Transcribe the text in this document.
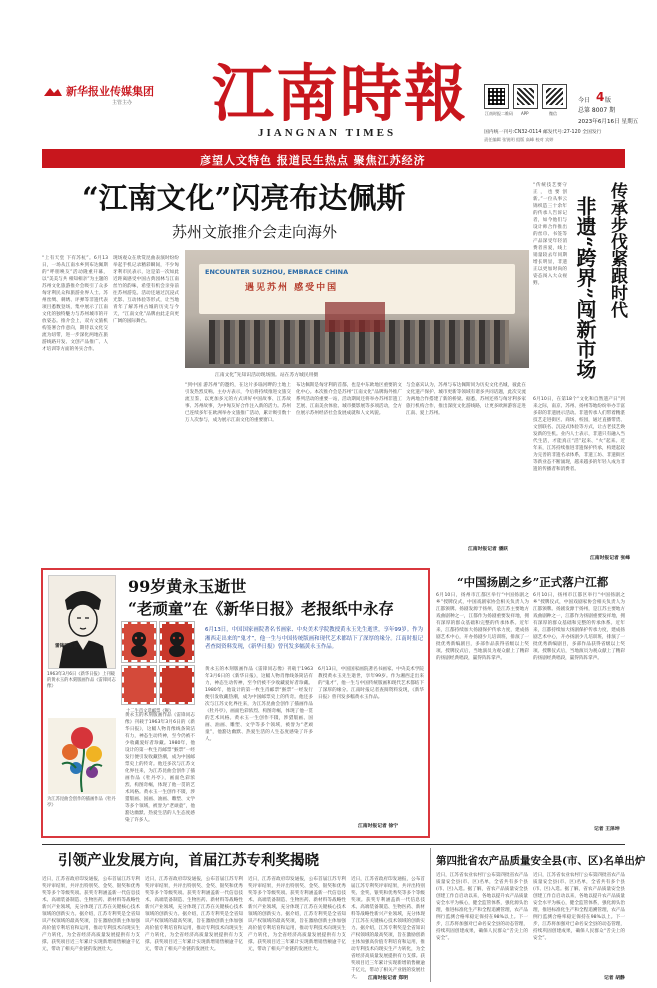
新华报业传媒集团
主管主办 江南時報
JIANGNAN TIMES
江南时报二维码 APP	微信
今日 4 版
总第 8007 期
2023年6月16日 星期五
国内统一刊号:CN32-0114 邮发代号:27-120 全国发行
责任编辑 张锐明 组版 高峰 校对 宾婷
彦望人文特色 报道民生热点 聚焦江苏经济
“江南文化”闪亮布达佩斯
苏州文旅推介会走向海外
ENCOUNTER SUZHOU, EMBRACE CHINA
遇见苏州 感受中国
江南文化”先知识活动现场图。站在苏方城民用摄
“上有天堂 下有苏杭”。6月13日，一场从江南水乡到布达佩斯的“呼朋唤友”活动隆重开幕，以“美美与共 相知相亲”为主题的苏州文化旅游推介会吸引了众多匈牙利民众和旅游业界人士。苏州丝绸、刺绣、评弹等非遗代表项目悉数登场，集中展示了江南文化的独特魅力与苏州城市的开放姿态。推介会上，双方文旅机构签署合作意向，期待以文化交流为纽带，进一步深化两地在旅游线路开发、文创产品推广、人才培训等方面的务实合作。
现场观众在欣赏昆曲表演时纷纷举起手机记录精彩瞬间，不少匈牙利市民表示，这是第一次如此近距离感受中国古典园林与江南丝竹的韵味，希望有机会亲身前往苏州游览。活动还通过沉浸式光影、互动体验等形式，让当地青年了解苏州古城的历史与今天，“江南文化”品牌由此走向更广阔的国际舞台。
“到中国 游苏州”的邀约，在这片多瑙河畔的土地上引发热烈反响。主办方表示，今后将持续推进文旅交流互鉴，以更加多元的方式讲好中国故事、江苏故事、苏州故事，为中匈友好合作注入新的活力。苏州已连续多年在欧洲举办文旅推广活动，累计吸引数十万人次参与，成为展示江南文化的重要窗口。
布达佩斯是匈牙利的首都，也是中东欧地区重要的文化中心。本次推介会是苏州“江南文化”品牌海外推广系列活动的重要一站，活动期间还将举办苏州非遗工艺展、江南美食体验、城市摄影展等多项活动，全方位展示苏州经济社会发展成就和人文风貌。
与会嘉宾认为，苏州与布达佩斯同为历史文化名城，彼此在文化遗产保护、城市更新等领域有诸多共同话题，此次交流为两地合作搭建了新的桥梁。据悉，苏州还将与匈牙利多家旅行机构合作，推出深度文化游线路，让更多欧洲游客走进江南、爱上苏州。
江南时报记者 潘跃
传承步伐紧跟时代
非遗“跨界”闯新市场
“传统技艺要守正，也要创新。”一位从事云锦织造三十余年的传承人告诉记者，如今他们与设计师合作推出的丝巾、书签等产品深受年轻消费者喜爱，线上销量较去年同期增长明显，非遗正以更加时尚的姿态闯入大众视野。
6月10日，在第18个“文化和自然遗产日”到来之际，南京、苏州、扬州等地纷纷举办丰富多彩的非遗展示活动。非遗传承人们带着精湛技艺走进街区、商场、校园，通过直播带货、文创联名、沉浸式体验等方式，让古老技艺焕发新的生机。业内人士表示，非遗只有融入当代生活，才能真正“活”起来、“火”起来。近年来，江苏持续推进非遗保护传承，构建起较为完善的非遗名录体系，非遗工坊、非遗街区等新业态不断涌现，越来越多的年轻人成为非遗的传播者和消费者。
江南时报记者 张峰
雷锋同志像
1963年3月6日《新华日报》上刊载的黄永玉的木刻版画作品《雷锋同志像》
十二生肖文选邮票《猴》
为江苏昆曲会创作的插画作品《牡丹亭》
99岁黄永玉逝世
“老顽童”在《新华日报》老报纸中永存
6月13日，中国国家画院著名书画家、中央美术学院教授黄永玉先生逝世，享年99岁。作为湘西走出来的“鬼才”，他一生与中国传统版画和现代艺术都结下了深厚的缘分。江南时报记者查阅资料发现，《新华日报》曾刊发多幅黄永玉作品。
黄永玉的木刻版画作品《雷锋同志像》刊载于1963年3月6日的《新华日报》，这幅人物肖像线条简洁有力，神态生动传神，至今仍被不少收藏爱好者珍藏。1980年，他设计的第一枚生肖邮票“猴票”一经发行便引发收藏热潮，成为中国邮票史上的传奇。他还多次与江苏文化界往来，为江苏昆曲会创作了插画作品《牡丹亭》，画面色彩浓烈、构图奇崛，体现了他一贯的艺术风格。黄永玉一生创作不辍，涉猎版画、国画、油画、雕塑、文学等多个领域，被誉为“老顽童”，他豁达幽默、热爱生活的人生态度感染了许多人。
黄永玉的木刻版画作品《雷锋同志像》刊载于1963年3月6日的《新华日报》，这幅人物肖像线条简洁有力，神态生动传神，至今仍被不少收藏爱好者珍藏。1980年，他设计的第一枚生肖邮票“猴票”一经发行便引发收藏热潮，成为中国邮票史上的传奇。他还多次与江苏文化界往来，为江苏昆曲会创作了插画作品《牡丹亭》，画面色彩浓烈、构图奇崛，体现了他一贯的艺术风格。黄永玉一生创作不辍，涉猎版画、国画、油画、雕塑、文学等多个领域，被誉为“老顽童”，他豁达幽默、热爱生活的人生态度感染了许多人。
6月13日，中国国家画院著名书画家、中央美术学院教授黄永玉先生逝世，享年99岁。作为湘西走出来的“鬼才”，他一生与中国传统版画和现代艺术都结下了深厚的缘分。江南时报记者查阅资料发现，《新华日报》曾刊发多幅黄永玉作品。
江南时报记者 徐宁
“中国扬剧之乡”正式落户江都
6月10日，扬州市江都区举行“中国扬剧之乡”授牌仪式，中国戏剧家协会相关负责人为江都颁牌。扬剧发源于扬州，是江苏主要地方戏曲剧种之一，江都作为扬剧重要发祥地，拥有深厚的群众基础和完整的传承体系。近年来，江都持续加大扬剧保护传承力度，建成扬剧艺术中心，开办扬剧少儿培训班，排演了一批优秀新编剧目，多部作品获得省级以上奖项。授牌仪式后，当地演员为观众献上了精彩的扬剧经典唱段，赢得阵阵掌声。
6月10日，扬州市江都区举行“中国扬剧之乡”授牌仪式，中国戏剧家协会相关负责人为江都颁牌。扬剧发源于扬州，是江苏主要地方戏曲剧种之一，江都作为扬剧重要发祥地，拥有深厚的群众基础和完整的传承体系。近年来，江都持续加大扬剧保护传承力度，建成扬剧艺术中心，开办扬剧少儿培训班，排演了一批优秀新编剧目，多部作品获得省级以上奖项。授牌仪式后，当地演员为观众献上了精彩的扬剧经典唱段，赢得阵阵掌声。
记者 王泽坤
引领产业发展方向，首届江苏专利奖揭晓
近日，江苏省政府印发通报，公布首届江苏专利奖评审结果，共评出特别奖、金奖、银奖和优秀奖等多个等级奖项。获奖专利涵盖新一代信息技术、高端装备制造、生物医药、新材料等战略性新兴产业领域，充分体现了江苏在关键核心技术领域的创新实力。据介绍，江苏专利奖是全省知识产权领域的最高奖项，旨在激励创新主体加强高价值专利培育和运用，推动专利技术向现实生产力转化，为全省经济高质量发展提供有力支撑。获奖项目近三年累计实现新增销售额逾千亿元，带动了相关产业链的发展壮大。
近日，江苏省政府印发通报，公布首届江苏专利奖评审结果，共评出特别奖、金奖、银奖和优秀奖等多个等级奖项。获奖专利涵盖新一代信息技术、高端装备制造、生物医药、新材料等战略性新兴产业领域，充分体现了江苏在关键核心技术领域的创新实力。据介绍，江苏专利奖是全省知识产权领域的最高奖项，旨在激励创新主体加强高价值专利培育和运用，推动专利技术向现实生产力转化，为全省经济高质量发展提供有力支撑。获奖项目近三年累计实现新增销售额逾千亿元，带动了相关产业链的发展壮大。
近日，江苏省政府印发通报，公布首届江苏专利奖评审结果，共评出特别奖、金奖、银奖和优秀奖等多个等级奖项。获奖专利涵盖新一代信息技术、高端装备制造、生物医药、新材料等战略性新兴产业领域，充分体现了江苏在关键核心技术领域的创新实力。据介绍，江苏专利奖是全省知识产权领域的最高奖项，旨在激励创新主体加强高价值专利培育和运用，推动专利技术向现实生产力转化，为全省经济高质量发展提供有力支撑。获奖项目近三年累计实现新增销售额逾千亿元，带动了相关产业链的发展壮大。
近日，江苏省政府印发通报，公布首届江苏专利奖评审结果，共评出特别奖、金奖、银奖和优秀奖等多个等级奖项。获奖专利涵盖新一代信息技术、高端装备制造、生物医药、新材料等战略性新兴产业领域，充分体现了江苏在关键核心技术领域的创新实力。据介绍，江苏专利奖是全省知识产权领域的最高奖项，旨在激励创新主体加强高价值专利培育和运用，推动专利技术向现实生产力转化，为全省经济高质量发展提供有力支撑。获奖项目近三年累计实现新增销售额逾千亿元，带动了相关产业链的发展壮大。	江南时报记者 郑明
第四批省农产品质量安全县(市、区)名单出炉
近日，江苏省农业农村厅公布第四批省农产品质量安全县(市、区)名单，全省共有多个县(市、区)入选。据了解，省农产品质量安全县创建工作自启动以来，各地以提升农产品质量安全水平为核心，健全监管体系，强化源头治理，推进标准化生产和全程追溯管理，农产品例行监测合格率稳定保持在98%以上。下一步，江苏将加强对已命名安全县的动态管理，持续巩固创建成果，确保人民群众“舌尖上的安全”。
近日，江苏省农业农村厅公布第四批省农产品质量安全县(市、区)名单，全省共有多个县(市、区)入选。据了解，省农产品质量安全县创建工作自启动以来，各地以提升农产品质量安全水平为核心，健全监管体系，强化源头治理，推进标准化生产和全程追溯管理，农产品例行监测合格率稳定保持在98%以上。下一步，江苏将加强对已命名安全县的动态管理，持续巩固创建成果，确保人民群众“舌尖上的安全”。
记者 胡静
